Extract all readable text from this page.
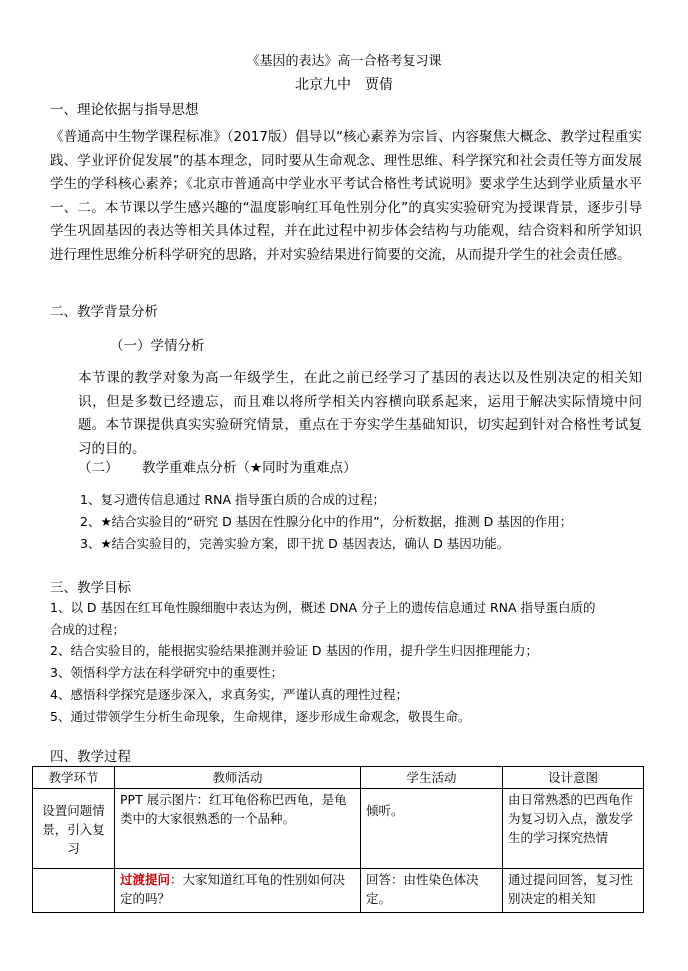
《基因的表达》高一合格考复习课
北京九中　贾倩
一、理论依据与指导思想
《普通高中生物学课程标准》（2017版）倡导以“核心素养为宗旨、内容聚焦大概念、教学过程重实践、学业评价促发展”的基本理念，同时要从生命观念、理性思维、科学探究和社会责任等方面发展学生的学科核心素养；《北京市普通高中学业水平考试合格性考试说明》要求学生达到学业质量水平一、二。本节课以学生感兴趣的“温度影响红耳龟性别分化”的真实实验研究为授课背景，逐步引导学生巩固基因的表达等相关具体过程，并在此过程中初步体会结构与功能观，结合资料和所学知识进行理性思维分析科学研究的思路，并对实验结果进行简要的交流，从而提升学生的社会责任感。
二、教学背景分析
（一）学情分析
本节课的教学对象为高一年级学生，在此之前已经学习了基因的表达以及性别决定的相关知识，但是多数已经遗忘，而且难以将所学相关内容横向联系起来，运用于解决实际情境中问题。本节课提供真实实验研究情景，重点在于夯实学生基础知识，切实起到针对合格性考试复习的目的。
（二） 教学重难点分析（★同时为重难点）
1、复习遗传信息通过 RNA 指导蛋白质的合成的过程；
2、★结合实验目的“研究 D 基因在性腺分化中的作用”，分析数据，推测 D 基因的作用；
3、★结合实验目的，完善实验方案，即干扰 D 基因表达，确认 D 基因功能。
三、教学目标
1、以 D 基因在红耳龟性腺细胞中表达为例，概述 DNA 分子上的遗传信息通过 RNA 指导蛋白质的
合成的过程；
2、结合实验目的，能根据实验结果推测并验证 D 基因的作用，提升学生归因推理能力；
3、领悟科学方法在科学研究中的重要性；
4、感悟科学探究是逐步深入，求真务实，严谨认真的理性过程；
5、通过带领学生分析生命现象，生命规律，逐步形成生命观念，敬畏生命。
四、教学过程
教学环节	教师活动	学生活动	设计意图
设置问题情景，引入复习	PPT 展示图片：红耳龟俗称巴西龟，是龟类中的大家很熟悉的一个品种。	倾听。	由日常熟悉的巴西龟作为复习切入点，激发学生的学习探究热情
	过渡提问：大家知道红耳龟的性别如何决定的吗？	回答：由性染色体决定。	通过提问回答，复习性别决定的相关知
